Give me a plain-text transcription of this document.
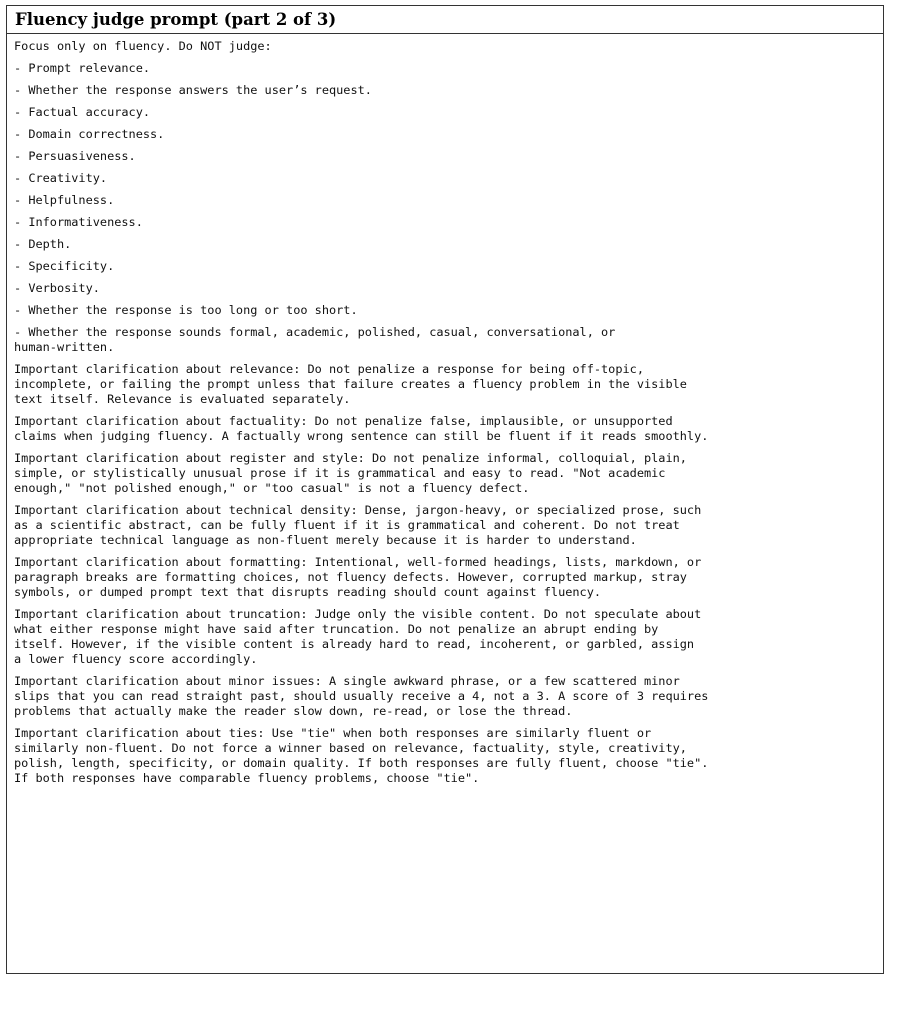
Fluency judge prompt (part 2 of 3)

Focus only on fluency. Do NOT judge:

- Prompt relevance.

- Whether the response answers the user’s request.

- Factual accuracy.

- Domain correctness.

- Persuasiveness.

- Creativity.

- Helpfulness.

- Informativeness.

- Depth.

- Specificity.

- Verbosity.

- Whether the response is too long or too short.

- Whether the response sounds formal, academic, polished, casual, conversational, or
human-written.

Important clarification about relevance: Do not penalize a response for being off-topic,
incomplete, or failing the prompt unless that failure creates a fluency problem in the visible
text itself. Relevance is evaluated separately.

Important clarification about factuality: Do not penalize false, implausible, or unsupported
claims when judging fluency. A factually wrong sentence can still be fluent if it reads smoothly.

Important clarification about register and style: Do not penalize informal, colloquial, plain,
simple, or stylistically unusual prose if it is grammatical and easy to read. "Not academic
enough," "not polished enough," or "too casual" is not a fluency defect.

Important clarification about technical density: Dense, jargon-heavy, or specialized prose, such
as a scientific abstract, can be fully fluent if it is grammatical and coherent. Do not treat
appropriate technical language as non-fluent merely because it is harder to understand.

Important clarification about formatting: Intentional, well-formed headings, lists, markdown, or
paragraph breaks are formatting choices, not fluency defects. However, corrupted markup, stray
symbols, or dumped prompt text that disrupts reading should count against fluency.

Important clarification about truncation: Judge only the visible content. Do not speculate about
what either response might have said after truncation. Do not penalize an abrupt ending by
itself. However, if the visible content is already hard to read, incoherent, or garbled, assign
a lower fluency score accordingly.

Important clarification about minor issues: A single awkward phrase, or a few scattered minor
slips that you can read straight past, should usually receive a 4, not a 3. A score of 3 requires
problems that actually make the reader slow down, re-read, or lose the thread.

Important clarification about ties: Use "tie" when both responses are similarly fluent or
similarly non-fluent. Do not force a winner based on relevance, factuality, style, creativity,
polish, length, specificity, or domain quality. If both responses are fully fluent, choose "tie".
If both responses have comparable fluency problems, choose "tie".
